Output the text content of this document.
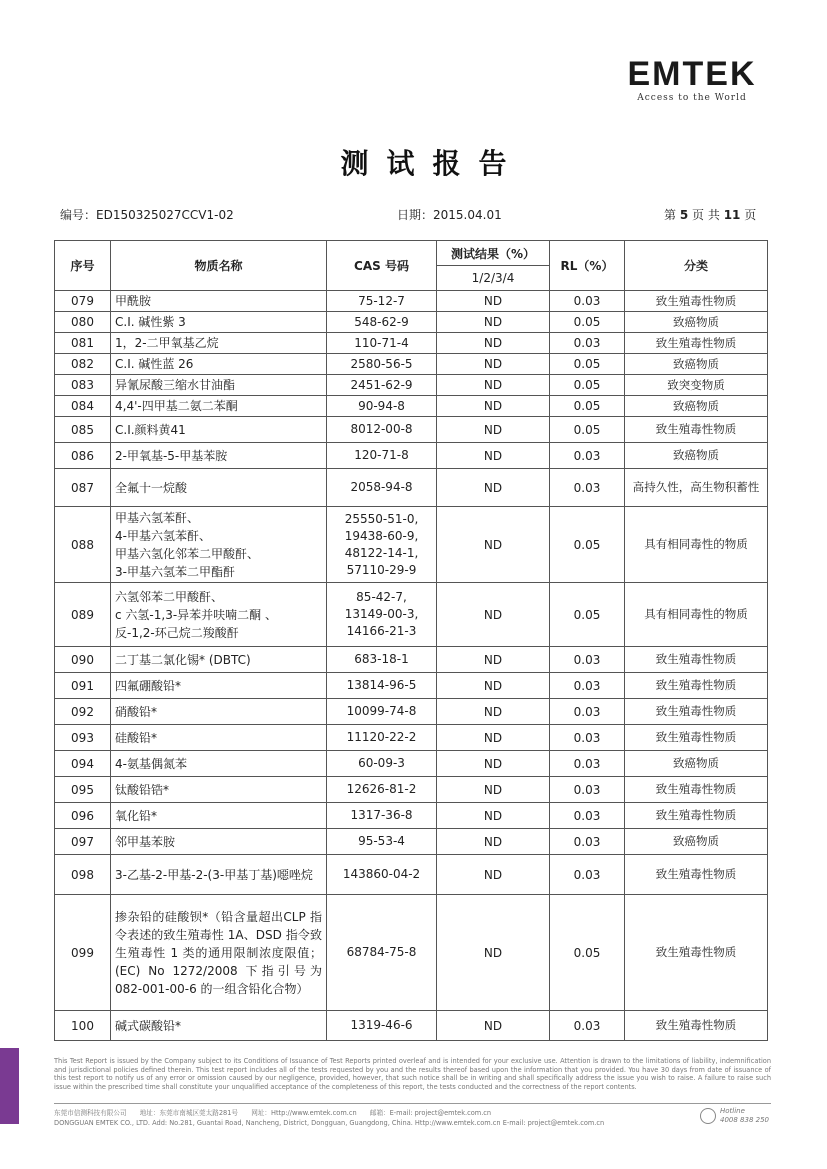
EMTEK
Access to the World
测试报告
编号：ED150325027CCV1-02	日期：2015.04.01	第 5 页 共 11 页
序号	物质名称	CAS 号码	测试结果（%）	RL（%）	分类
			1/2/3/4		
079	甲酰胺	75-12-7	ND	0.03	致生殖毒性物质
080	C.I. 碱性紫 3	548-62-9	ND	0.05	致癌物质
081	1，2-二甲氧基乙烷	110-71-4	ND	0.03	致生殖毒性物质
082	C.I. 碱性蓝 26	2580-56-5	ND	0.05	致癌物质
083	异氰尿酸三缩水甘油酯	2451-62-9	ND	0.05	致突变物质
084	4,4'-四甲基二氨二苯酮	90-94-8	ND	0.05	致癌物质
085	C.I.颜料黄41	8012-00-8	ND	0.05	致生殖毒性物质
086	2-甲氧基-5-甲基苯胺	120-71-8	ND	0.03	致癌物质
087	全氟十一烷酸	2058-94-8	ND	0.03	高持久性，高生物积蓄性
088	甲基六氢苯酐、
4-甲基六氢苯酐、
甲基六氢化邻苯二甲酸酐、
3-甲基六氢苯二甲酯酐	25550-51-0,
19438-60-9,
48122-14-1,
57110-29-9	ND	0.05	具有相同毒性的物质
089	六氢邻苯二甲酸酐、
c 六氢-1,3-异苯并呋喃二酮 、
反-1,2-环己烷二羧酸酐	85-42-7,
13149-00-3,
14166-21-3	ND	0.05	具有相同毒性的物质
090	二丁基二氯化锡* (DBTC)	683-18-1	ND	0.03	致生殖毒性物质
091	四氟硼酸铅*	13814-96-5	ND	0.03	致生殖毒性物质
092	硝酸铅*	10099-74-8	ND	0.03	致生殖毒性物质
093	硅酸铅*	11120-22-2	ND	0.03	致生殖毒性物质
094	4-氨基偶氮苯	60-09-3	ND	0.03	致癌物质
095	钛酸铅锆*	12626-81-2	ND	0.03	致生殖毒性物质
096	氧化铅*	1317-36-8	ND	0.03	致生殖毒性物质
097	邻甲基苯胺	95-53-4	ND	0.03	致癌物质
098	3-乙基-2-甲基-2-(3-甲基丁基)噁唑烷	143860-04-2	ND	0.03	致生殖毒性物质
099	掺杂铅的硅酸钡*（铅含量超出CLP 指令表述的致生殖毒性 1A、DSD 指令致生殖毒性 1 类的通用限制浓度限值；(EC) No 1272/2008 下指引号为 082-001-00-6 的一组含铅化合物）	68784-75-8	ND	0.05	致生殖毒性物质
100	碱式碳酸铅*	1319-46-6	ND	0.03	致生殖毒性物质
This Test Report is issued by the Company subject to its Conditions of Issuance of Test Reports printed overleaf and is intended for your exclusive use. Attention is drawn to the limitations of liability, indemnification and jurisdictional policies defined therein. This test report includes all of the tests requested by you and the results thereof based upon the information that you provided. You have 30 days from date of issuance of this test report to notify us of any error or omission caused by our negligence, provided, however, that such notice shall be in writing and shall specifically address the issue you wish to raise. A failure to raise such issue within the prescribed time shall constitute your unqualified acceptance of the completeness of this report, the tests conducted and the correctness of the report contents.
东莞市信测科技有限公司　　地址：东莞市南城区莞太路281号　　网址：Http://www.emtek.com.cn　　邮箱：E-mail: project@emtek.com.cn
DONGGUAN EMTEK CO., LTD. Add: No.281, Guantai Road, Nancheng, District, Dongguan, Guangdong, China. Http://www.emtek.com.cn E-mail: project@emtek.com.cn
Hotline
4008 838 250
